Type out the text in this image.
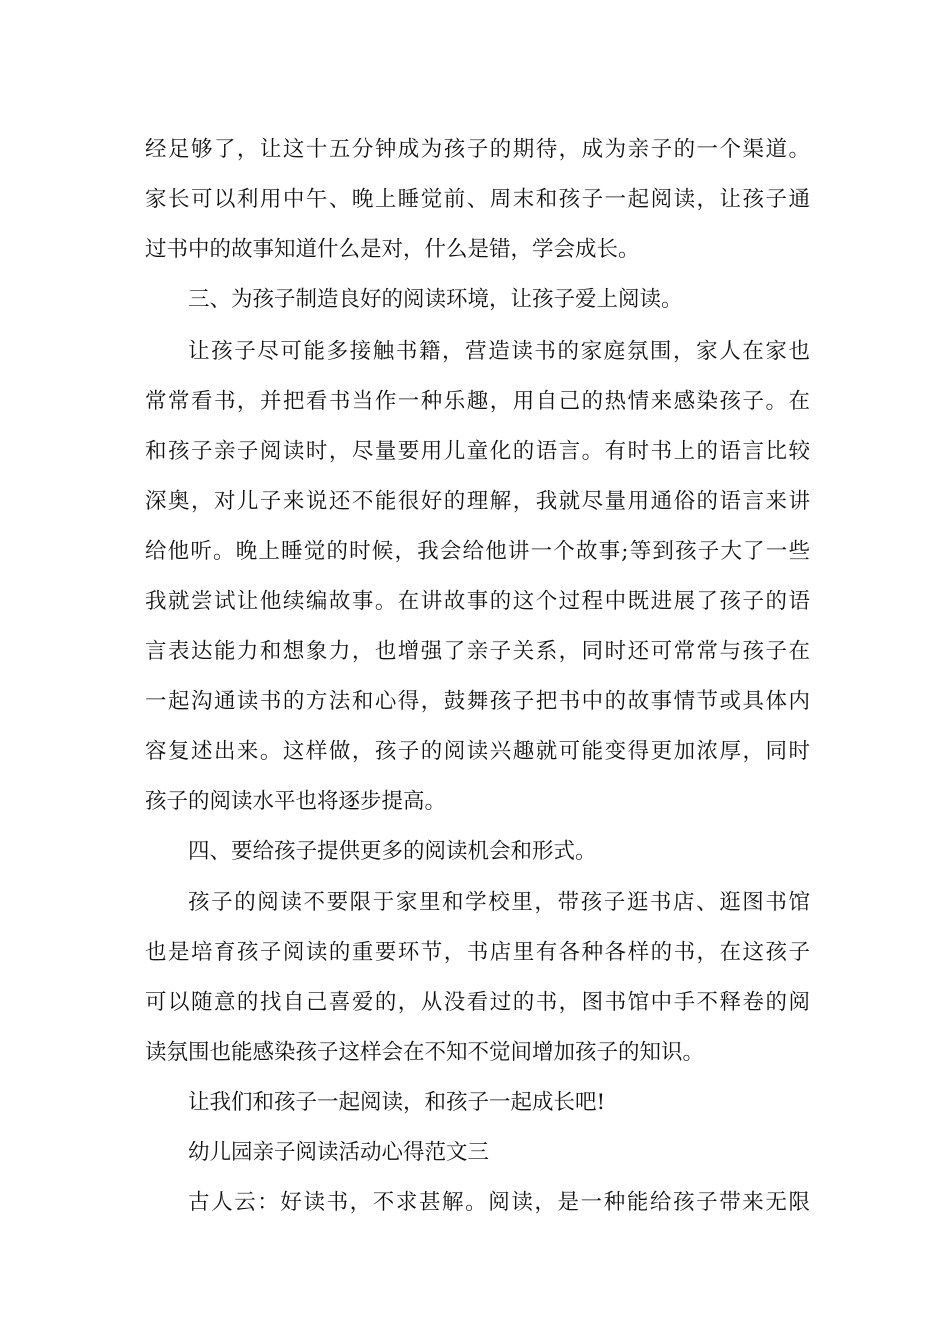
经足够了，让这十五分钟成为孩子的期待，成为亲子的一个渠道。
家长可以利用中午、晚上睡觉前、周末和孩子一起阅读，让孩子通
过书中的故事知道什么是对，什么是错，学会成长。
三、为孩子制造良好的阅读环境，让孩子爱上阅读。
让孩子尽可能多接触书籍，营造读书的家庭氛围，家人在家也
常常看书，并把看书当作一种乐趣，用自己的热情来感染孩子。在
和孩子亲子阅读时，尽量要用儿童化的语言。有时书上的语言比较
深奥，对儿子来说还不能很好的理解，我就尽量用通俗的语言来讲
给他听。晚上睡觉的时候，我会给他讲一个故事;等到孩子大了一些
我就尝试让他续编故事。在讲故事的这个过程中既进展了孩子的语
言表达能力和想象力，也增强了亲子关系，同时还可常常与孩子在
一起沟通读书的方法和心得，鼓舞孩子把书中的故事情节或具体内
容复述出来。这样做，孩子的阅读兴趣就可能变得更加浓厚，同时
孩子的阅读水平也将逐步提高。
四、要给孩子提供更多的阅读机会和形式。
孩子的阅读不要限于家里和学校里，带孩子逛书店、逛图书馆
也是培育孩子阅读的重要环节，书店里有各种各样的书，在这孩子
可以随意的找自己喜爱的，从没看过的书，图书馆中手不释卷的阅
读氛围也能感染孩子这样会在不知不觉间增加孩子的知识。
让我们和孩子一起阅读，和孩子一起成长吧!
幼儿园亲子阅读活动心得范文三
古人云：好读书，不求甚解。阅读，是一种能给孩子带来无限
